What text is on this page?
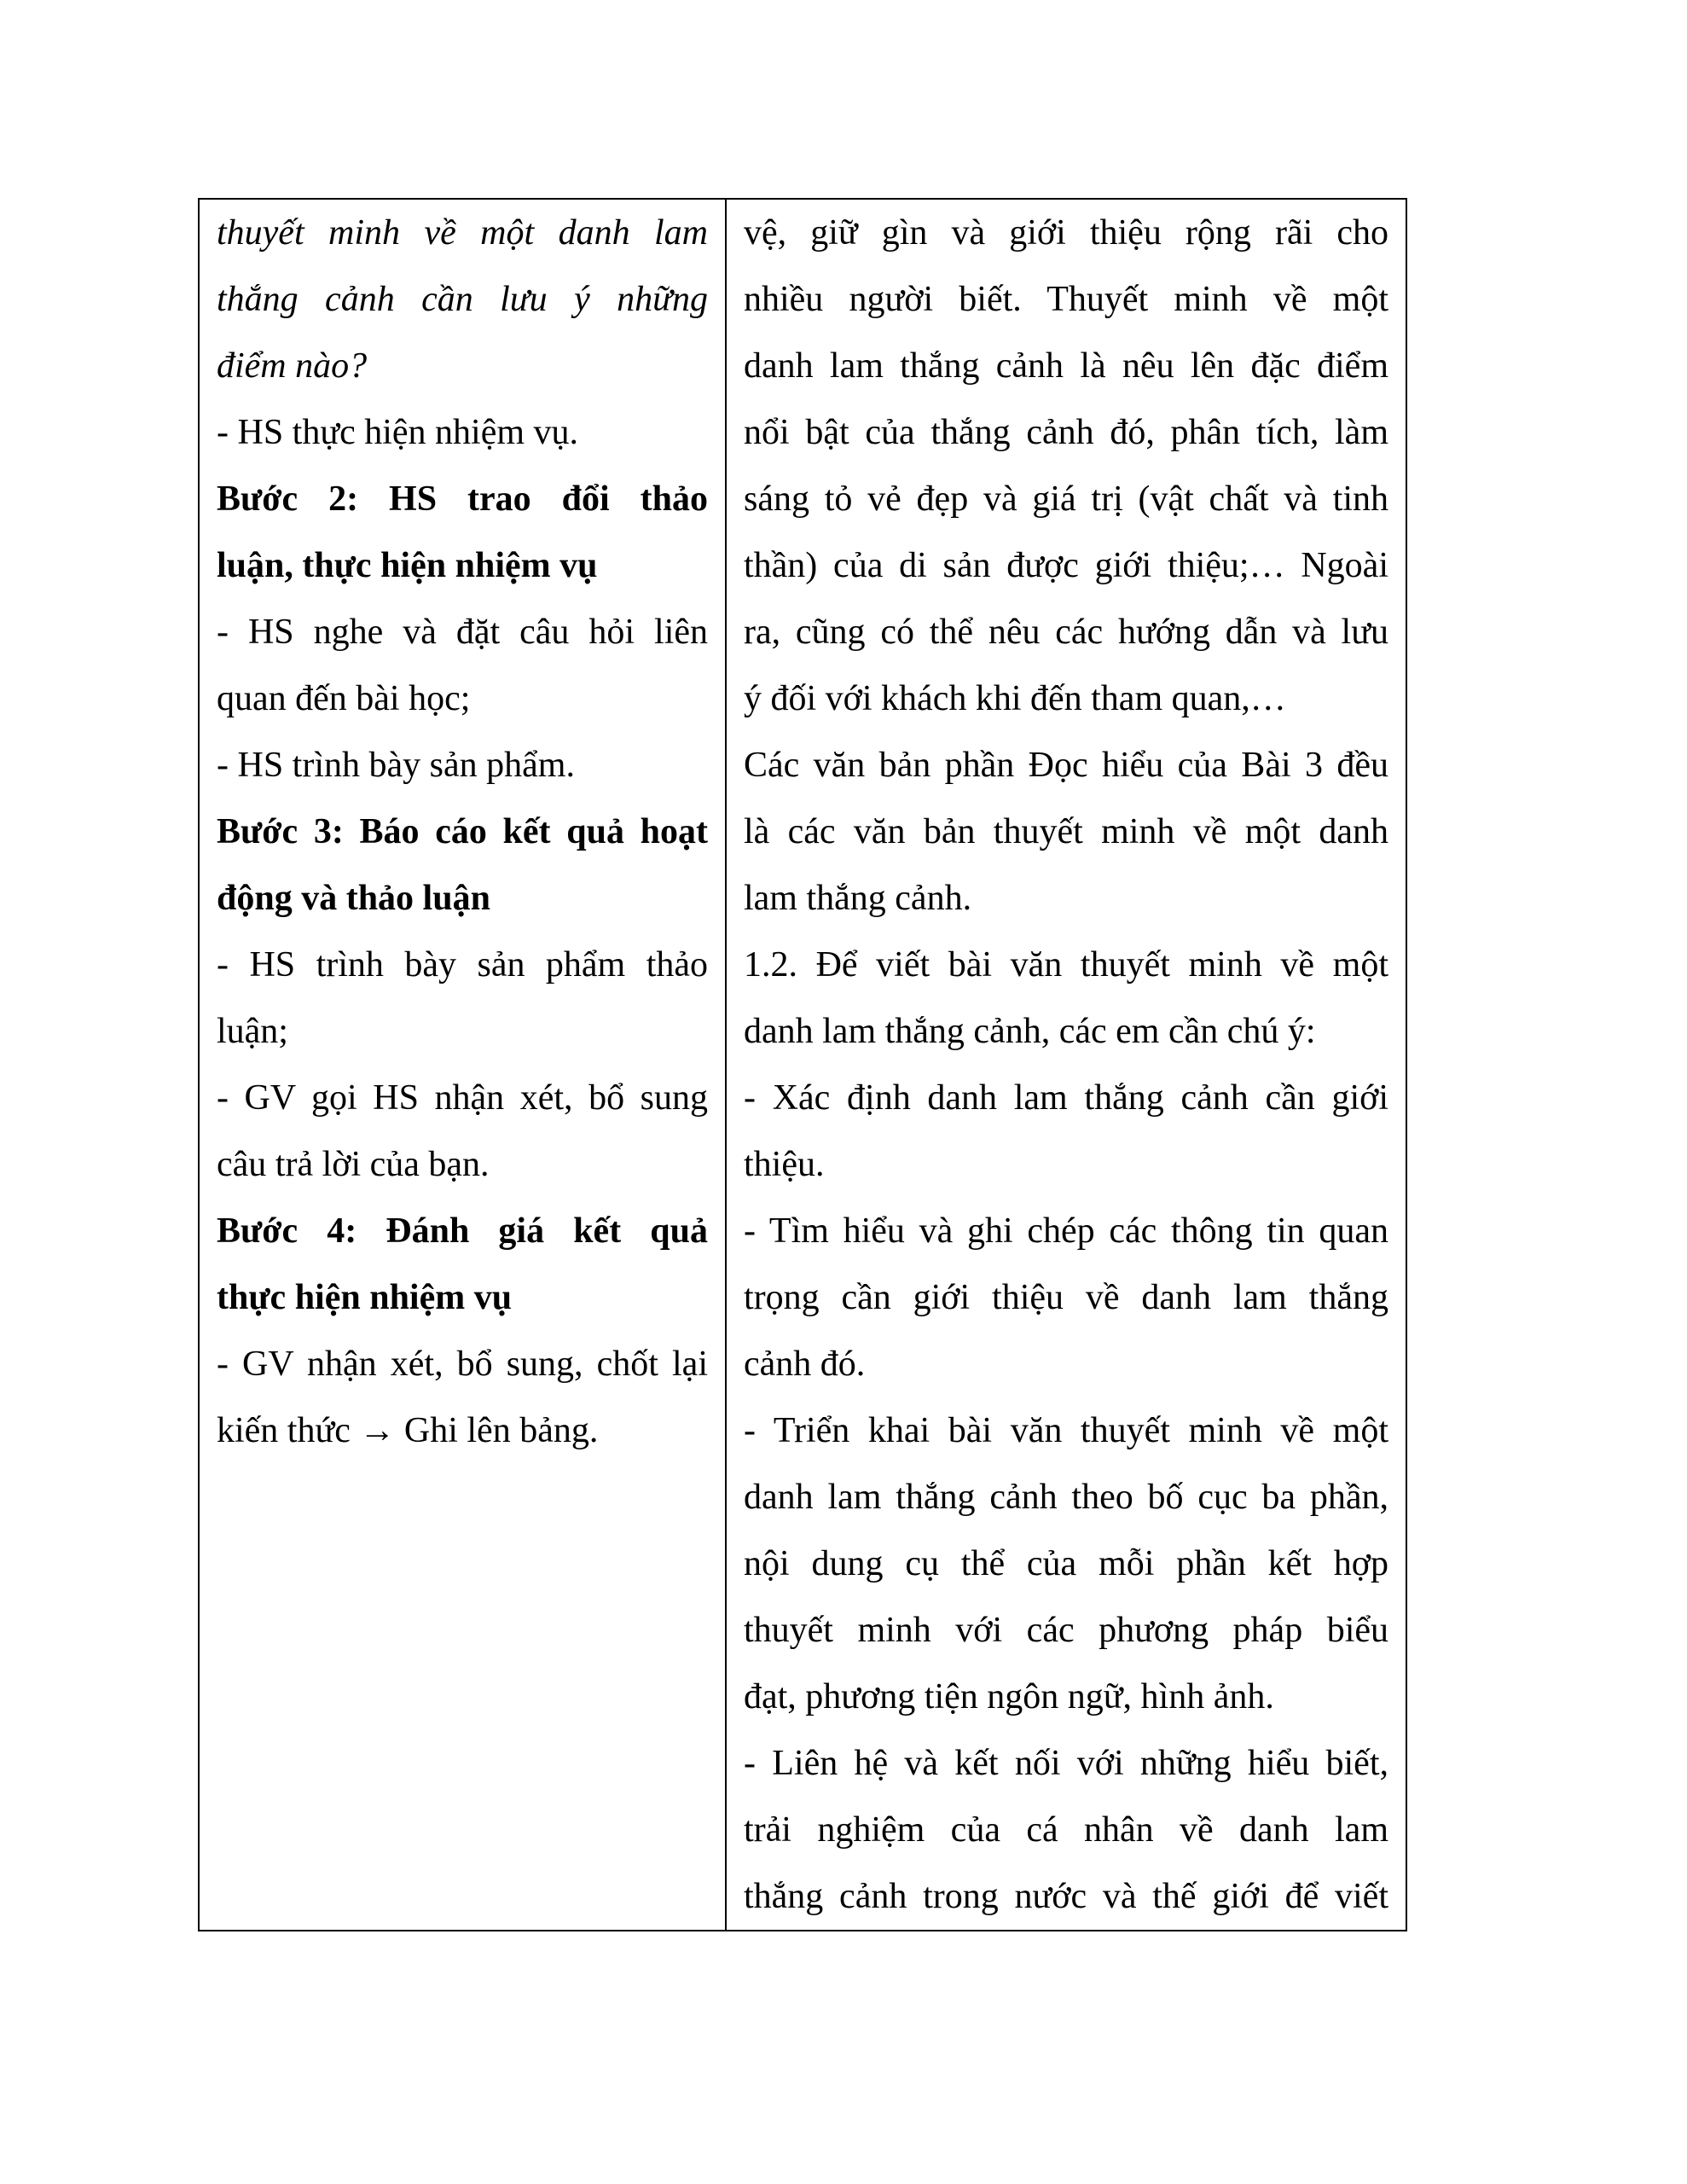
thuyết minh về một danh lam
thắng cảnh cần lưu ý những
điểm nào?
- HS thực hiện nhiệm vụ.
Bước 2: HS trao đổi thảo
luận, thực hiện nhiệm vụ
- HS nghe và đặt câu hỏi liên
quan đến bài học;
- HS trình bày sản phẩm.
Bước 3: Báo cáo kết quả hoạt
động và thảo luận
- HS trình bày sản phẩm thảo
luận;
- GV gọi HS nhận xét, bổ sung
câu trả lời của bạn.
Bước 4: Đánh giá kết quả
thực hiện nhiệm vụ
- GV nhận xét, bổ sung, chốt lại
kiến thức → Ghi lên bảng.

vệ, giữ gìn và giới thiệu rộng rãi cho
nhiều người biết. Thuyết minh về một
danh lam thắng cảnh là nêu lên đặc điểm
nổi bật của thắng cảnh đó, phân tích, làm
sáng tỏ vẻ đẹp và giá trị (vật chất và tinh
thần) của di sản được giới thiệu;… Ngoài
ra, cũng có thể nêu các hướng dẫn và lưu
ý đối với khách khi đến tham quan,…
Các văn bản phần Đọc hiểu của Bài 3 đều
là các văn bản thuyết minh về một danh
lam thắng cảnh.
1.2. Để viết bài văn thuyết minh về một
danh lam thắng cảnh, các em cần chú ý:
- Xác định danh lam thắng cảnh cần giới
thiệu.
- Tìm hiểu và ghi chép các thông tin quan
trọng cần giới thiệu về danh lam thắng
cảnh đó.
- Triển khai bài văn thuyết minh về một
danh lam thắng cảnh theo bố cục ba phần,
nội dung cụ thể của mỗi phần kết hợp
thuyết minh với các phương pháp biểu
đạt, phương tiện ngôn ngữ, hình ảnh.
- Liên hệ và kết nối với những hiểu biết,
trải nghiệm của cá nhân về danh lam
thắng cảnh trong nước và thế giới để viết
